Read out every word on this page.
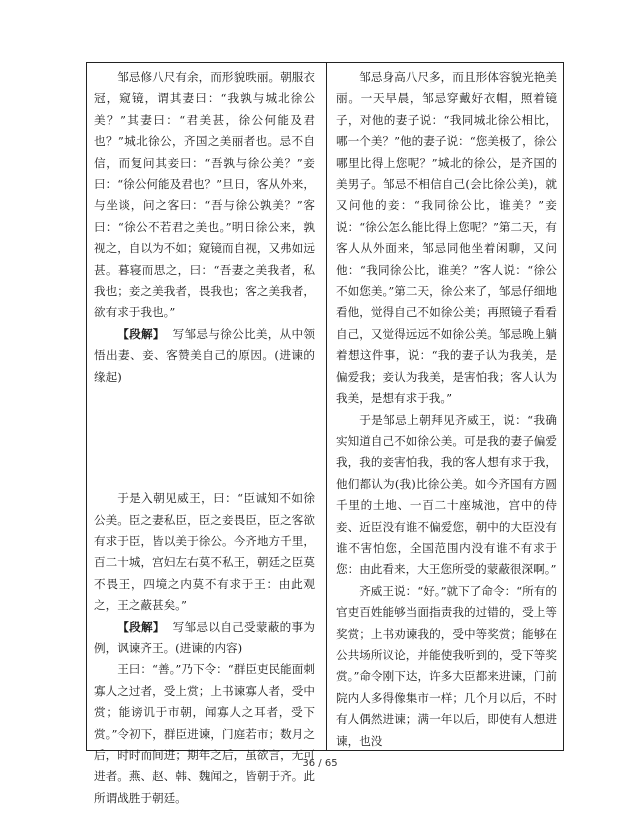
邹忌修八尺有余，而形貌昳丽。朝服衣冠，窥镜，谓其妻曰：“我孰与城北徐公美？”其妻曰：“君美甚，徐公何能及君也？”城北徐公，齐国之美丽者也。忌不自信，而复问其妾曰：“吾孰与徐公美？”妾曰：“徐公何能及君也？”旦日，客从外来，与坐谈，问之客曰：“吾与徐公孰美？”客曰：“徐公不若君之美也。”明日徐公来，孰视之，自以为不如；窥镜而自视，又弗如远甚。暮寝而思之，曰：“吾妻之美我者，私我也；妾之美我者，畏我也；客之美我者，欲有求于我也。”

【段解】 写邹忌与徐公比美，从中领悟出妻、妾、客赞美自己的原因。(进谏的缘起)

于是入朝见威王，曰：“臣诚知不如徐公美。臣之妻私臣，臣之妾畏臣，臣之客欲有求于臣，皆以美于徐公。今齐地方千里，百二十城，宫妇左右莫不私王，朝廷之臣莫不畏王，四境之内莫不有求于王：由此观之，王之蔽甚矣。”

【段解】 写邹忌以自己受蒙蔽的事为例，讽谏齐王。(进谏的内容)

王曰：“善。”乃下令：“群臣吏民能面刺寡人之过者，受上赏；上书谏寡人者，受中赏；能谤讥于市朝，闻寡人之耳者，受下赏。”令初下，群臣进谏，门庭若市；数月之后，时时而间进；期年之后，虽欲言，无可进者。燕、赵、韩、魏闻之，皆朝于齐。此所谓战胜于朝廷。

邹忌身高八尺多，而且形体容貌光艳美丽。一天早晨，邹忌穿戴好衣帽，照着镜子，对他的妻子说：“我同城北徐公相比，哪一个美？”他的妻子说：“您美极了，徐公哪里比得上您呢？”城北的徐公，是齐国的美男子。邹忌不相信自己(会比徐公美)，就又问他的妾：“我同徐公比，谁美？”妾说：“徐公怎么能比得上您呢？”第二天，有客人从外面来，邹忌同他坐着闲聊，又问他：“我同徐公比，谁美？”客人说：“徐公不如您美。”第二天，徐公来了，邹忌仔细地看他，觉得自己不如徐公美；再照镜子看看自己，又觉得远远不如徐公美。邹忌晚上躺着想这件事，说：“我的妻子认为我美，是偏爱我；妾认为我美，是害怕我；客人认为我美，是想有求于我。”

于是邹忌上朝拜见齐威王，说：“我确实知道自己不如徐公美。可是我的妻子偏爱我，我的妾害怕我，我的客人想有求于我，他们都认为(我)比徐公美。如今齐国有方圆千里的土地、一百二十座城池，宫中的侍妾、近臣没有谁不偏爱您，朝中的大臣没有谁不害怕您，全国范围内没有谁不有求于您：由此看来，大王您所受的蒙蔽很深啊。”

齐威王说：“好。”就下了命令：“所有的官吏百姓能够当面指责我的过错的，受上等奖赏；上书劝谏我的，受中等奖赏；能够在公共场所议论，并能使我听到的，受下等奖赏。”命令刚下达，许多大臣都来进谏，门前院内人多得像集市一样；几个月以后，不时有人偶然进谏；满一年以后，即使有人想进谏，也没

36 / 65
